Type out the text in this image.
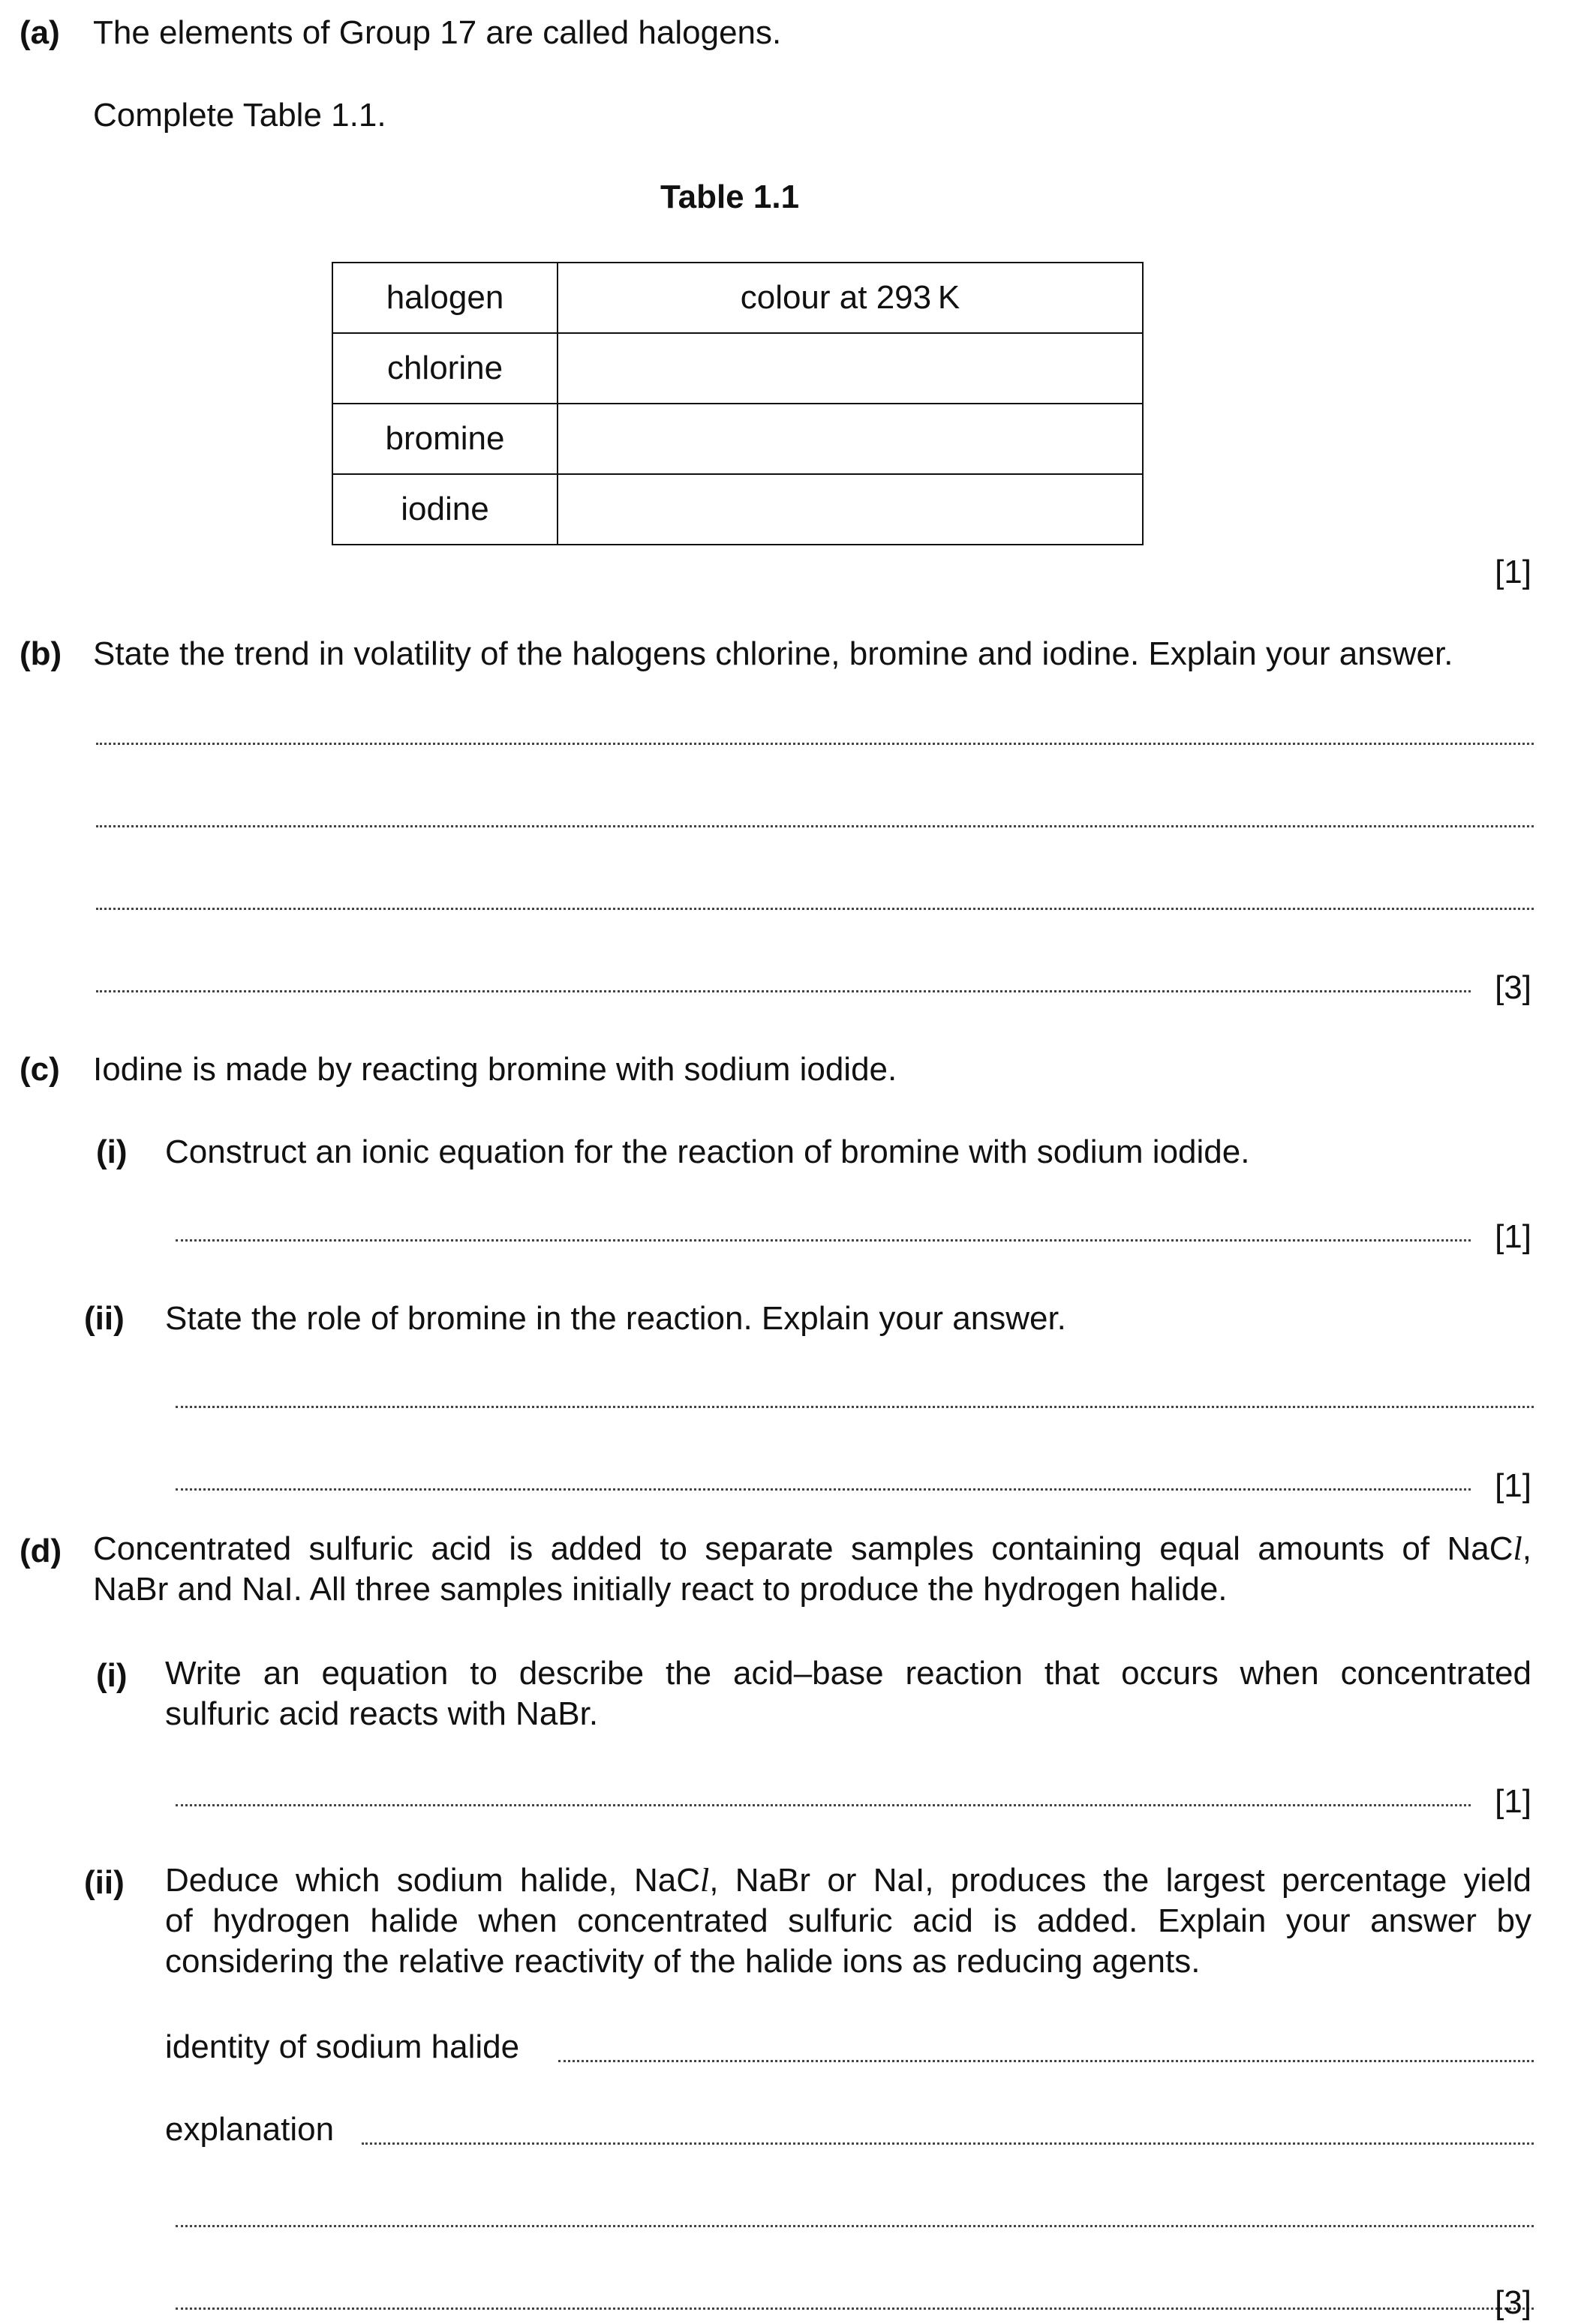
(a) The elements of Group 17 are called halogens.
Complete Table 1.1.
Table 1.1
halogen	colour at 293 K
chlorine	
bromine	
iodine	
[1]
(b) State the trend in volatility of the halogens chlorine, bromine and iodine. Explain your answer.
[3]
(c) Iodine is made by reacting bromine with sodium iodide.
(i) Construct an ionic equation for the reaction of bromine with sodium iodide.
[1]
(ii) State the role of bromine in the reaction. Explain your answer.
[1]
(d) Concentrated sulfuric acid is added to separate samples containing equal amounts of NaCl,
NaBr and NaI. All three samples initially react to produce the hydrogen halide.
(i) Write an equation to describe the acid–base reaction that occurs when concentrated
sulfuric acid reacts with NaBr.
[1]
(ii) Deduce which sodium halide, NaCl, NaBr or NaI, produces the largest percentage yield
of hydrogen halide when concentrated sulfuric acid is added. Explain your answer by
considering the relative reactivity of the halide ions as reducing agents.
identity of sodium halide
explanation
[3]
